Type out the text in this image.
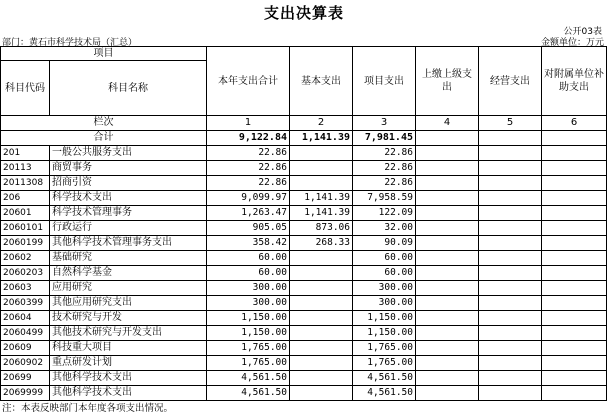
支出决算表
公开03表
部门：黄石市科学技术局（汇总）	金额单位：万元
项目		本年支出合计	基本支出	项目支出	上缴上级支出	经营支出	对附属单位补助支出
科目代码	科目名称						
栏次		1	2	3	4	5	6
合计		9,122.84	1,141.39	7,981.45			
201	一般公共服务支出	22.86		22.86			
20113	商贸事务	22.86		22.86			
2011308	招商引资	22.86		22.86			
206	科学技术支出	9,099.97	1,141.39	7,958.59			
20601	科学技术管理事务	1,263.47	1,141.39	122.09			
2060101	行政运行	905.05	873.06	32.00			
2060199	其他科学技术管理事务支出	358.42	268.33	90.09			
20602	基础研究	60.00		60.00			
2060203	自然科学基金	60.00		60.00			
20603	应用研究	300.00		300.00			
2060399	其他应用研究支出	300.00		300.00			
20604	技术研究与开发	1,150.00		1,150.00			
2060499	其他技术研究与开发支出	1,150.00		1,150.00			
20609	科技重大项目	1,765.00		1,765.00			
2060902	重点研发计划	1,765.00		1,765.00			
20699	其他科学技术支出	4,561.50		4,561.50			
2069999	其他科学技术支出	4,561.50		4,561.50			
注：本表反映部门本年度各项支出情况。
